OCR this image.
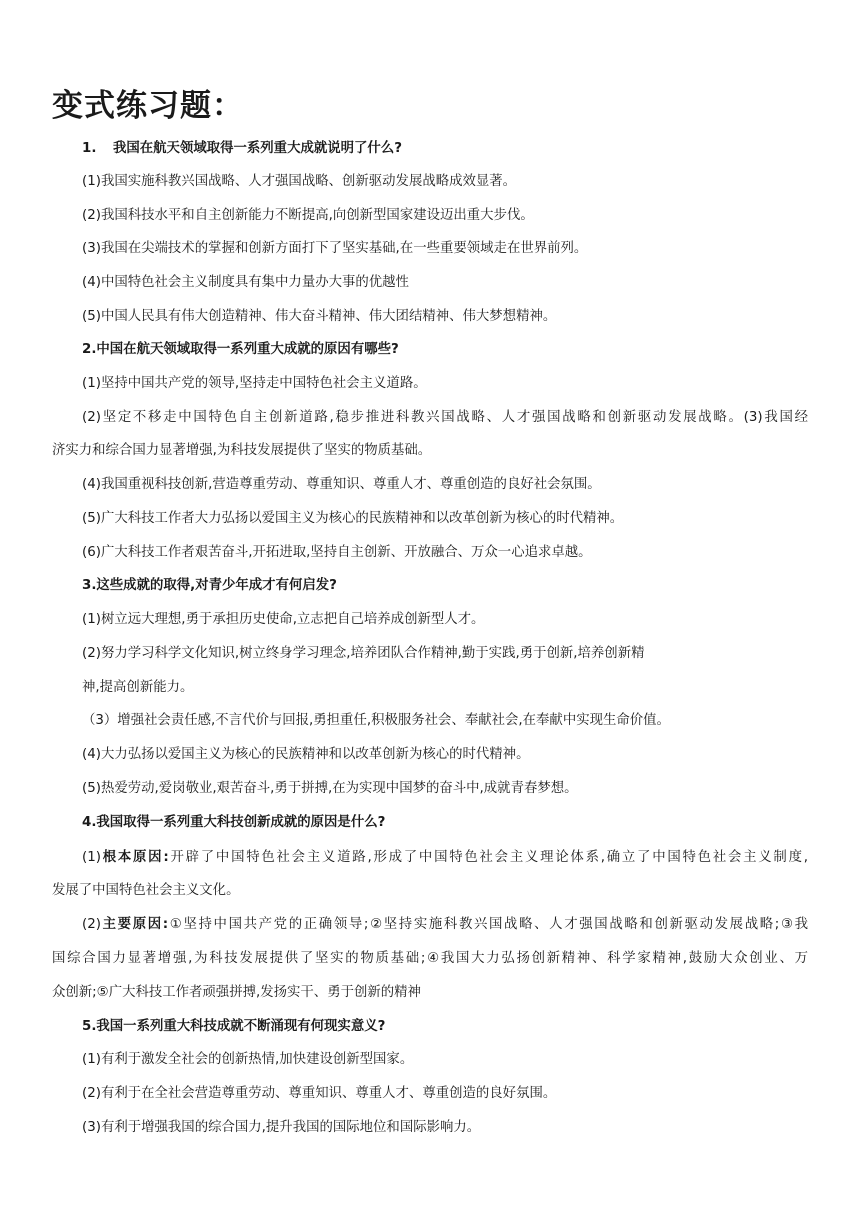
变式练习题：
1. 我国在航天领域取得一系列重大成就说明了什么?
(1)我国实施科教兴国战略、人才强国战略、创新驱动发展战略成效显著。
(2)我国科技水平和自主创新能力不断提高,向创新型国家建设迈出重大步伐。
(3)我国在尖端技术的掌握和创新方面打下了坚实基础,在一些重要领域走在世界前列。
(4)中国特色社会主义制度具有集中力量办大事的优越性
(5)中国人民具有伟大创造精神、伟大奋斗精神、伟大团结精神、伟大梦想精神。
2.中国在航天领域取得一系列重大成就的原因有哪些?
(1)坚持中国共产党的领导,坚持走中国特色社会主义道路。
(2)坚定不移走中国特色自主创新道路,稳步推进科教兴国战略、人才强国战略和创新驱动发展战略。(3)我国经
济实力和综合国力显著增强,为科技发展提供了坚实的物质基础。
(4)我国重视科技创新,营造尊重劳动、尊重知识、尊重人才、尊重创造的良好社会氛围。
(5)广大科技工作者大力弘扬以爱国主义为核心的民族精神和以改革创新为核心的时代精神。
(6)广大科技工作者艰苦奋斗,开拓进取,坚持自主创新、开放融合、万众一心追求卓越。
3.这些成就的取得,对青少年成才有何启发?
(1)树立远大理想,勇于承担历史使命,立志把自己培养成创新型人才。
(2)努力学习科学文化知识,树立终身学习理念,培养团队合作精神,勤于实践,勇于创新,培养创新精
神,提高创新能力。
（3）增强社会责任感,不言代价与回报,勇担重任,积极服务社会、奉献社会,在奉献中实现生命价值。
(4)大力弘扬以爱国主义为核心的民族精神和以改革创新为核心的时代精神。
(5)热爱劳动,爱岗敬业,艰苦奋斗,勇于拼搏,在为实现中国梦的奋斗中,成就青春梦想。
4.我国取得一系列重大科技创新成就的原因是什么?
(1)根本原因:开辟了中国特色社会主义道路,形成了中国特色社会主义理论体系,确立了中国特色社会主义制度,
发展了中国特色社会主义文化。
(2)主要原因:①坚持中国共产党的正确领导;②坚持实施科教兴国战略、人才强国战略和创新驱动发展战略;③我
国综合国力显著增强,为科技发展提供了坚实的物质基础;④我国大力弘扬创新精神、科学家精神,鼓励大众创业、万
众创新;⑤广大科技工作者顽强拼搏,发扬实干、勇于创新的精神
5.我国一系列重大科技成就不断涌现有何现实意义?
(1)有利于激发全社会的创新热情,加快建设创新型国家。
(2)有利于在全社会营造尊重劳动、尊重知识、尊重人才、尊重创造的良好氛围。
(3)有利于增强我国的综合国力,提升我国的国际地位和国际影响力。
